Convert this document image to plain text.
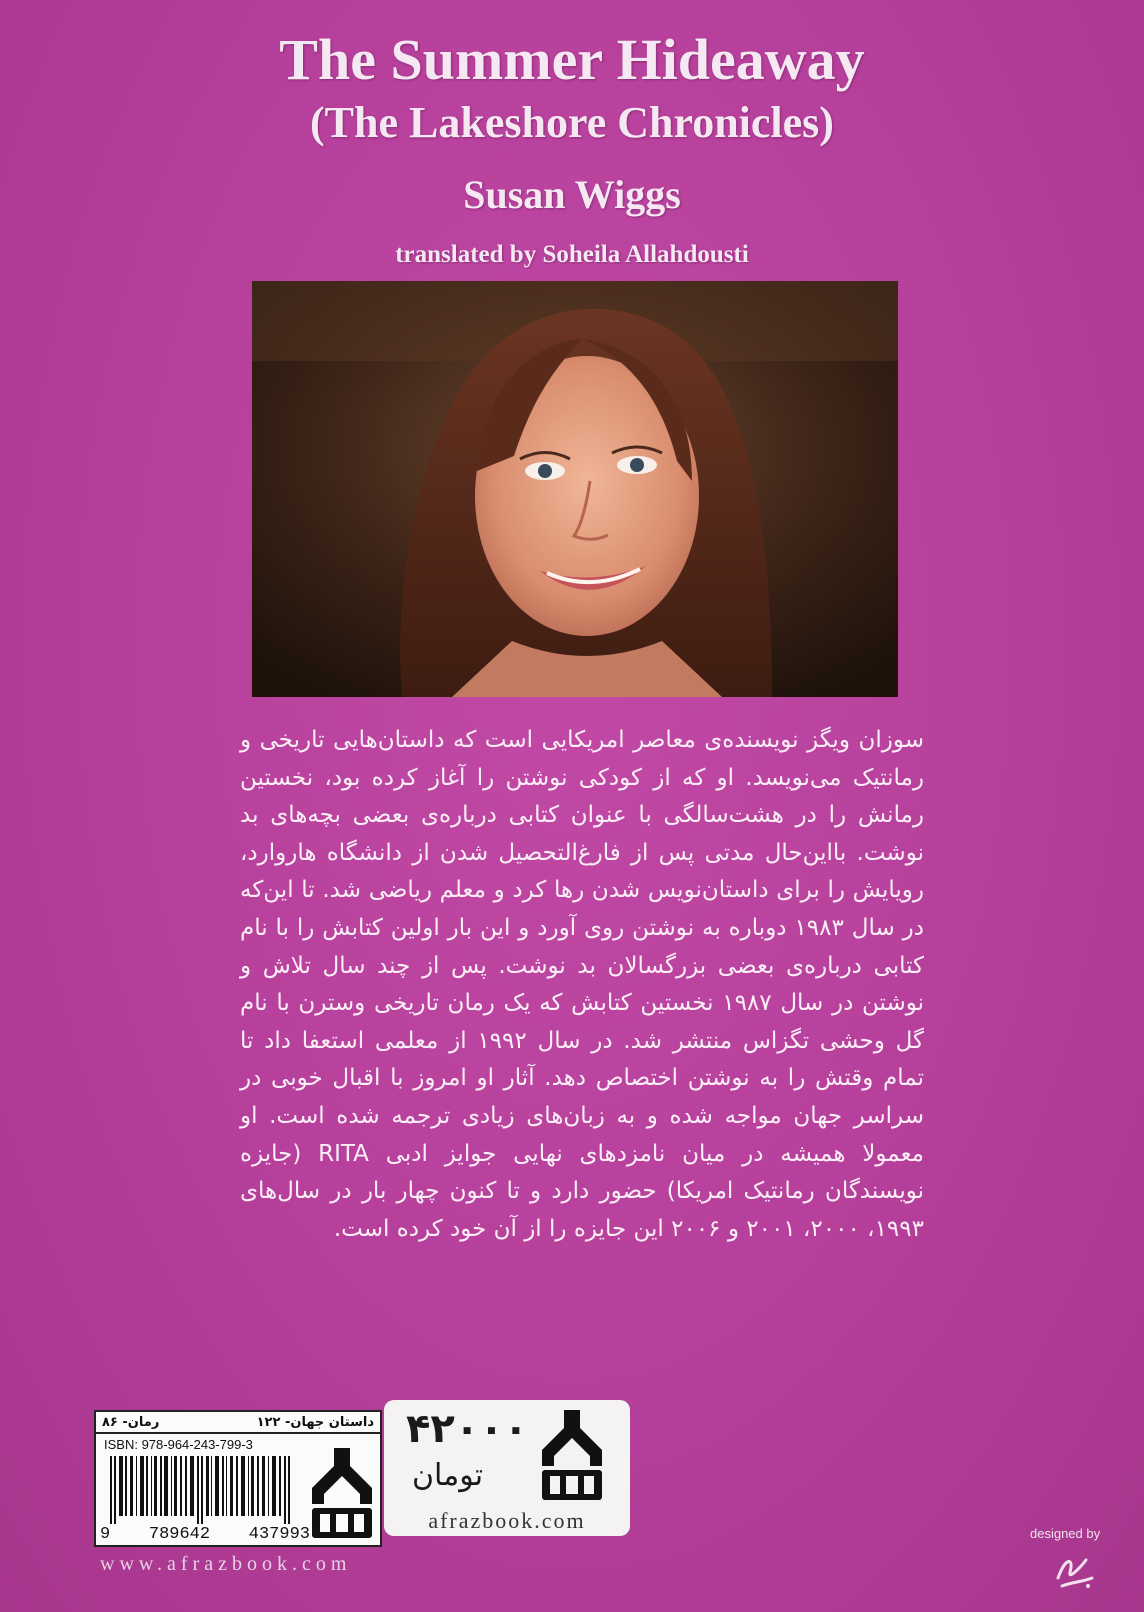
The Summer Hideaway
(The Lakeshore Chronicles)
Susan Wiggs
translated by Soheila Allahdousti

سوزان ویگز نویسنده‌ی معاصر امریکایی است که داستان‌هایی تاریخی و رمانتیک می‌نویسد. او که از کودکی نوشتن را آغاز کرده بود، نخستین رمانش را در هشت‌سالگی با عنوان کتابی درباره‌ی بعضی بچه‌های بد نوشت. بااین‌حال مدتی پس از فارغ‌التحصیل شدن از دانشگاه هاروارد، رویایش را برای داستان‌نویس شدن رها کرد و معلم ریاضی شد. تا این‌که در سال ۱۹۸۳ دوباره به نوشتن روی آورد و این بار اولین کتابش را با نام کتابی درباره‌ی بعضی بزرگسالان بد نوشت. پس از چند سال تلاش و نوشتن در سال ۱۹۸۷ نخستین کتابش که یک رمان تاریخی وسترن با نام گل وحشی تگزاس منتشر شد. در سال ۱۹۹۲ از معلمی استعفا داد تا تمام وقتش را به نوشتن اختصاص دهد. آثار او امروز با اقبال خوبی در سراسر جهان مواجه شده و به زبان‌های زیادی ترجمه شده است. او معمولا همیشه در میان نامزدهای نهایی جوایز ادبی RITA (جایزه نویسندگان رمانتیک امریکا) حضور دارد و تا کنون چهار بار در سال‌های ۱۹۹۳، ۲۰۰۰، ۲۰۰۱ و ۲۰۰۶ این جایزه را از آن خود کرده است.

داستان جهان- ۱۲۲
رمان- ۸۶
ISBN: 978-964-243-799-3
9 789642 437993
۴۲۰۰۰
تومان
afrazbook.com
www.afrazbook.com
designed by
